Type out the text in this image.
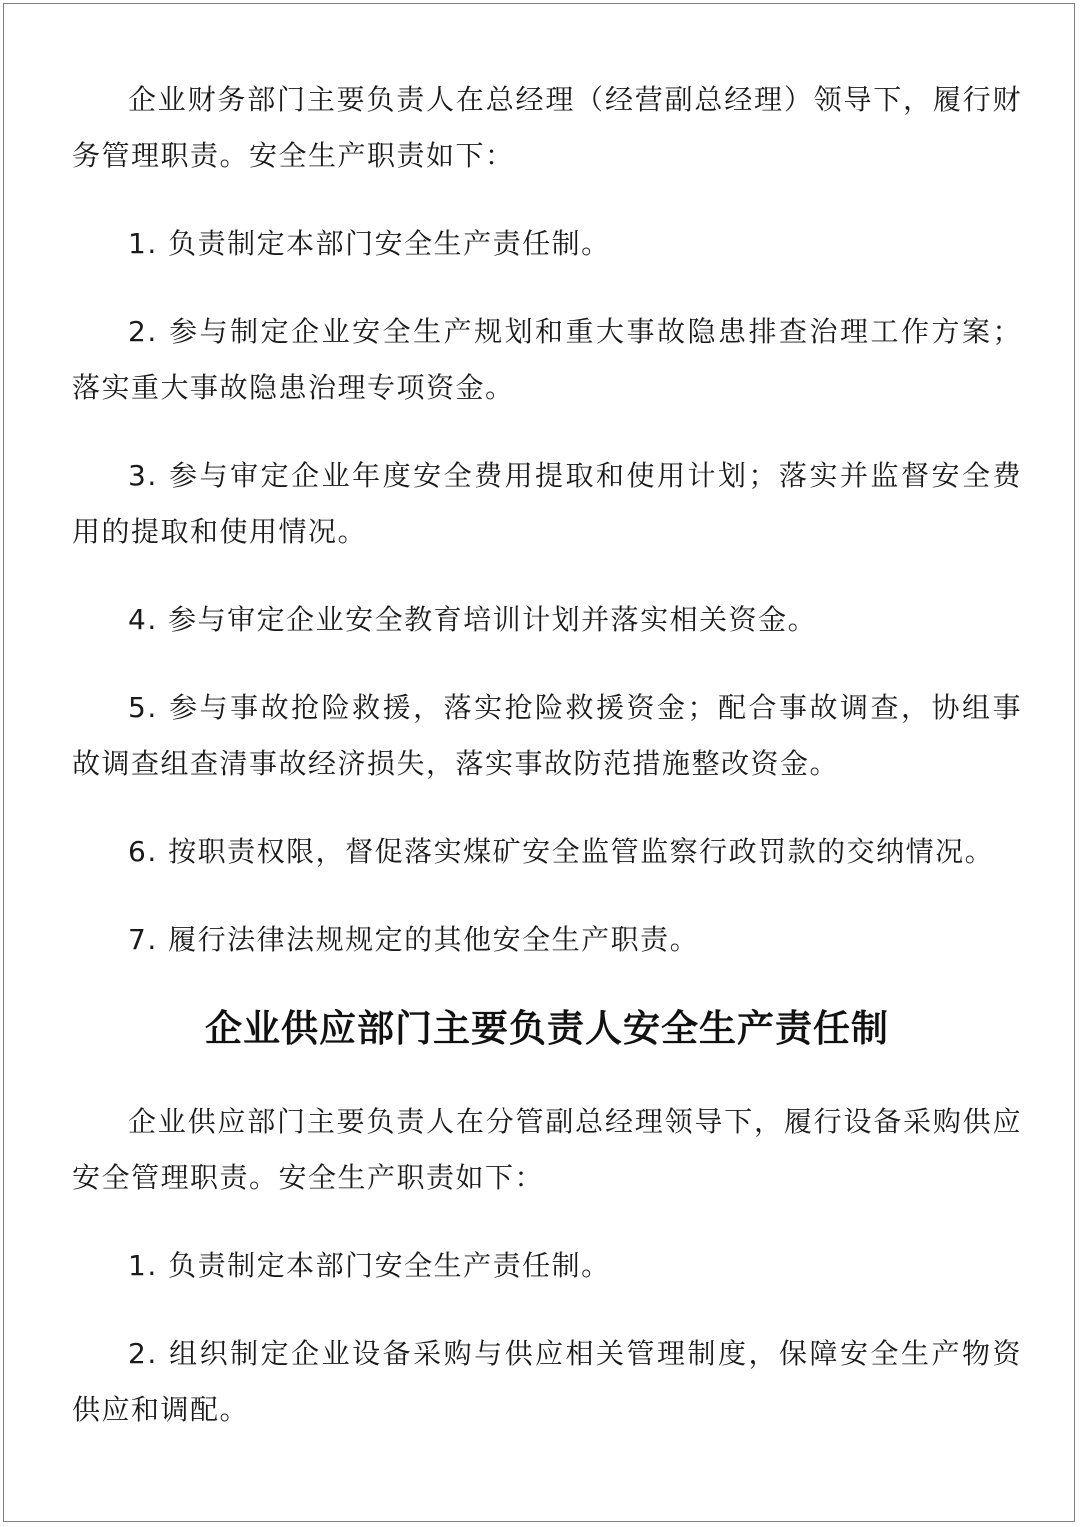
企业财务部门主要负责人在总经理（经营副总经理）领导下，履行财务管理职责。安全生产职责如下：

1. 负责制定本部门安全生产责任制。

2. 参与制定企业安全生产规划和重大事故隐患排查治理工作方案；落实重大事故隐患治理专项资金。

3. 参与审定企业年度安全费用提取和使用计划；落实并监督安全费用的提取和使用情况。

4. 参与审定企业安全教育培训计划并落实相关资金。

5. 参与事故抢险救援，落实抢险救援资金；配合事故调查，协组事故调查组查清事故经济损失，落实事故防范措施整改资金。

6. 按职责权限，督促落实煤矿安全监管监察行政罚款的交纳情况。

7. 履行法律法规规定的其他安全生产职责。

企业供应部门主要负责人安全生产责任制

企业供应部门主要负责人在分管副总经理领导下，履行设备采购供应安全管理职责。安全生产职责如下：

1. 负责制定本部门安全生产责任制。

2. 组织制定企业设备采购与供应相关管理制度，保障安全生产物资供应和调配。
